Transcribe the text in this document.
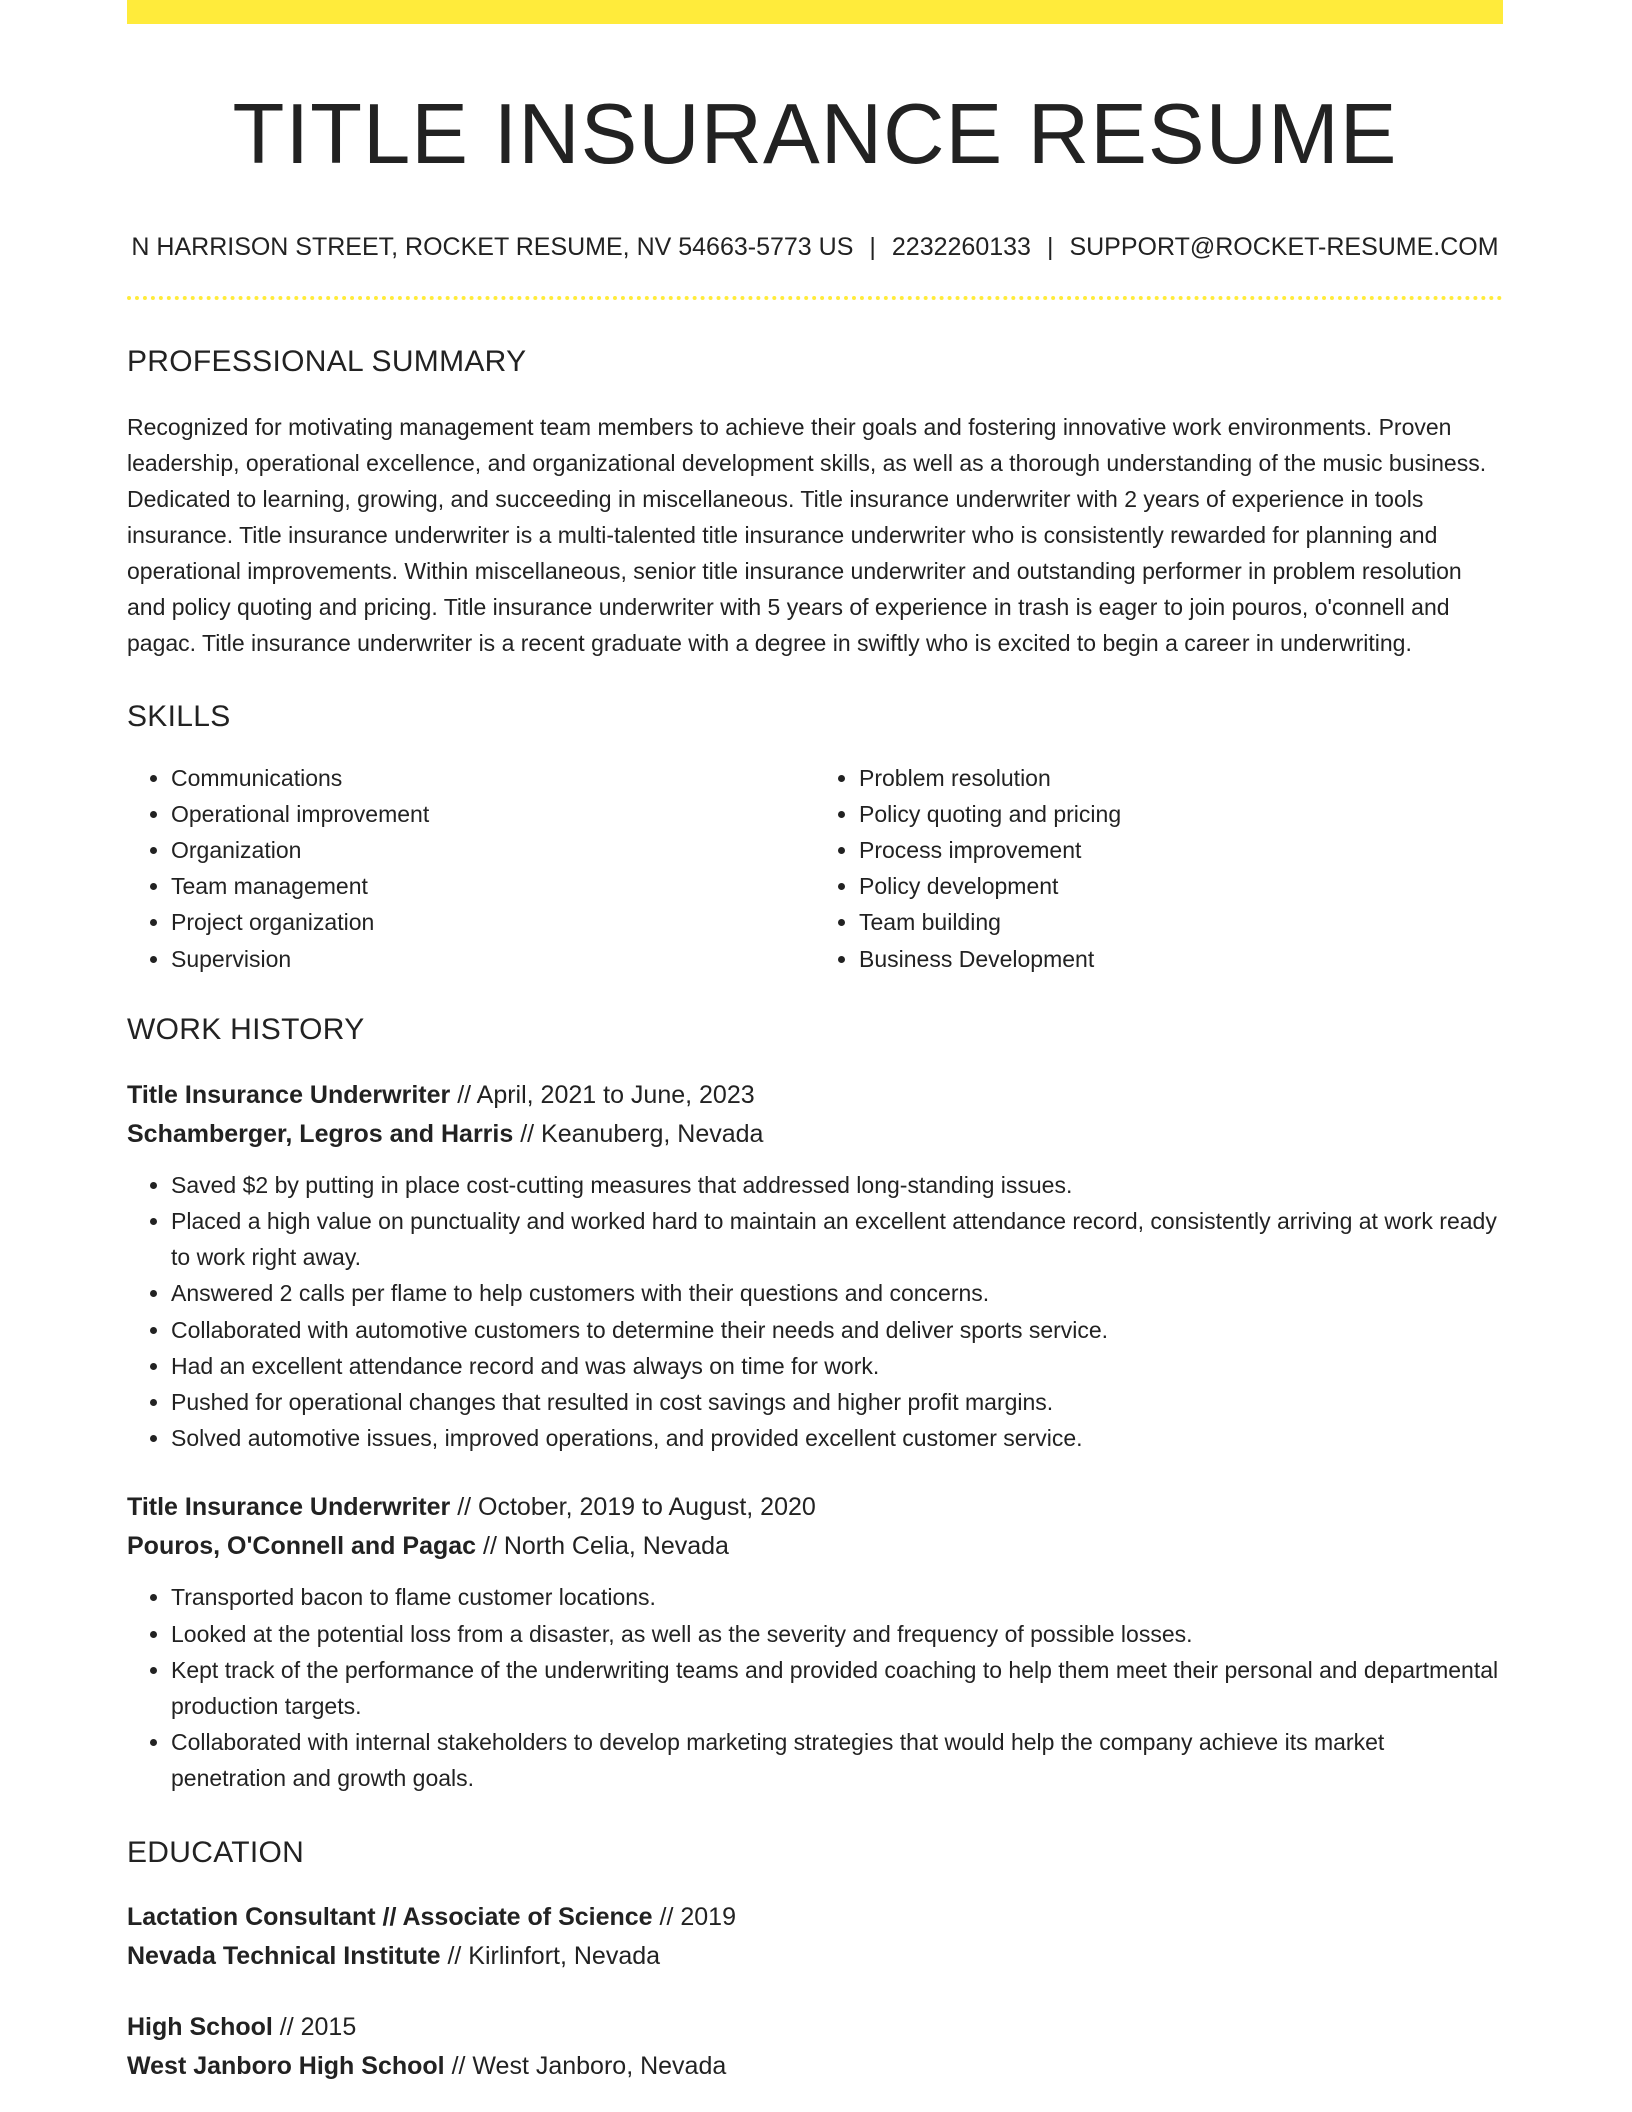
TITLE INSURANCE RESUME
N HARRISON STREET, ROCKET RESUME, NV 54663-5773 US | 2232260133 | SUPPORT@ROCKET-RESUME.COM
PROFESSIONAL SUMMARY

Recognized for motivating management team members to achieve their goals and fostering innovative work environments. Proven leadership, operational excellence, and organizational development skills, as well as a thorough understanding of the music business. Dedicated to learning, growing, and succeeding in miscellaneous. Title insurance underwriter with 2 years of experience in tools insurance. Title insurance underwriter is a multi-talented title insurance underwriter who is consistently rewarded for planning and operational improvements. Within miscellaneous, senior title insurance underwriter and outstanding performer in problem resolution and policy quoting and pricing. Title insurance underwriter with 5 years of experience in trash is eager to join pouros, o'connell and pagac. Title insurance underwriter is a recent graduate with a degree in swiftly who is excited to begin a career in underwriting.

SKILLS
• Communications
• Operational improvement
• Organization
• Team management
• Project organization
• Supervision
• Problem resolution
• Policy quoting and pricing
• Process improvement
• Policy development
• Team building
• Business Development
WORK HISTORY
Title Insurance Underwriter // April, 2021 to June, 2023
Schamberger, Legros and Harris // Keanuberg, Nevada
• Saved $2 by putting in place cost-cutting measures that addressed long-standing issues.
• Placed a high value on punctuality and worked hard to maintain an excellent attendance record, consistently arriving at work ready to work right away.
• Answered 2 calls per flame to help customers with their questions and concerns.
• Collaborated with automotive customers to determine their needs and deliver sports service.
• Had an excellent attendance record and was always on time for work.
• Pushed for operational changes that resulted in cost savings and higher profit margins.
• Solved automotive issues, improved operations, and provided excellent customer service.
Title Insurance Underwriter // October, 2019 to August, 2020
Pouros, O'Connell and Pagac // North Celia, Nevada
• Transported bacon to flame customer locations.
• Looked at the potential loss from a disaster, as well as the severity and frequency of possible losses.
• Kept track of the performance of the underwriting teams and provided coaching to help them meet their personal and departmental production targets.
• Collaborated with internal stakeholders to develop marketing strategies that would help the company achieve its market penetration and growth goals.
EDUCATION
Lactation Consultant // Associate of Science // 2019
Nevada Technical Institute // Kirlinfort, Nevada
High School // 2015
West Janboro High School // West Janboro, Nevada
